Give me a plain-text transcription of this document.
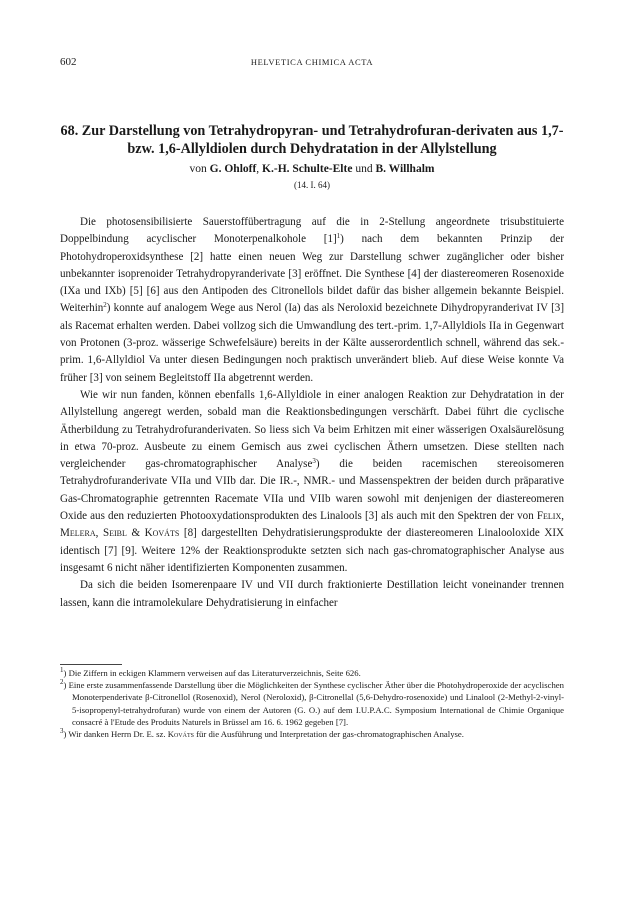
602	HELVETICA CHIMICA ACTA
68. Zur Darstellung von Tetrahydropyran- und Tetrahydrofuran-derivaten aus 1,7- bzw. 1,6-Allyldiolen durch Dehydratation in der Allylstellung
von G. Ohloff, K.-H. Schulte-Elte und B. Willhalm
(14. I. 64)

Die photosensibilisierte Sauerstoffübertragung auf die in 2-Stellung angeordnete trisubstituierte Doppelbindung acyclischer Monoterpenalkohole $[1]^1$) nach dem bekannten Prinzip der Photohydroperoxidsynthese [2] hatte einen neuen Weg zur Darstellung schwer zugänglicher oder bisher unbekannter isoprenoider Tetrahydropyranderivate [3] eröffnet. Die Synthese [4] der diastereomeren Rosenoxide (IXa und IXb) [5] [6] aus den Antipoden des Citronellols bildet dafür das bisher allgemein bekannte Beispiel. Weiterhin$^2$) konnte auf analogem Wege aus Nerol (Ia) das als Neroloxid bezeichnete Dihydropyranderivat IV [3] als Racemat erhalten werden. Dabei vollzog sich die Umwandlung des tert.-prim. 1,7-Allyldiols IIa in Gegenwart von Protonen (3-proz. wässerige Schwefelsäure) bereits in der Kälte ausserordentlich schnell, während das sek.-prim. 1,6-Allyldiol Va unter diesen Bedingungen noch praktisch unverändert blieb. Auf diese Weise konnte Va früher [3] von seinem Begleitstoff IIa abgetrennt werden.

Wie wir nun fanden, können ebenfalls 1,6-Allyldiole in einer analogen Reaktion zur Dehydratation in der Allylstellung angeregt werden, sobald man die Reaktionsbedingungen verschärft. Dabei führt die cyclische Ätherbildung zu Tetrahydrofuranderivaten. So liess sich Va beim Erhitzen mit einer wässerigen Oxalsäurelösung in etwa 70-proz. Ausbeute zu einem Gemisch aus zwei cyclischen Äthern umsetzen. Diese stellten nach vergleichender gas-chromatographischer Analyse$^3$) die beiden racemischen stereoisomeren Tetrahydrofuranderivate VIIa und VIIb dar. Die IR.-, NMR.- und Massenspektren der beiden durch präparative Gas-Chromatographie getrennten Racemate VIIa und VIIb waren sowohl mit denjenigen der diastereomeren Oxide aus den reduzierten Photooxydationsprodukten des Linalools [3] als auch mit den Spektren der von Felix, Melera, Seibl & Kováts [8] dargestellten Dehydratisierungsprodukte der diastereomeren Linalooloxide XIX identisch [7] [9]. Weitere 12% der Reaktionsprodukte setzten sich nach gas-chromatographischer Analyse aus insgesamt 6 nicht näher identifizierten Komponenten zusammen.

Da sich die beiden Isomerenpaare IV und VII durch fraktionierte Destillation leicht voneinander trennen lassen, kann die intramolekulare Dehydratisierung in einfacher

$^1$) Die Ziffern in eckigen Klammern verweisen auf das Literaturverzeichnis, Seite 626.

$^2$) Eine erste zusammenfassende Darstellung über die Möglichkeiten der Synthese cyclischer Äther über die Photohydroperoxide der acyclischen Monoterpenderivate β-Citronellol (Rosenoxid), Nerol (Neroloxid), β-Citronellal (5,6-Dehydro-rosenoxide) und Linalool (2-Methyl-2-vinyl-5-isopropenyl-tetrahydrofuran) wurde von einem der Autoren (G. O.) auf dem I.U.P.A.C. Symposium International de Chimie Organique consacré à l'Etude des Produits Naturels in Brüssel am 16. 6. 1962 gegeben [7].

$^3$) Wir danken Herrn Dr. E. sz. Kováts für die Ausführung und Interpretation der gas-chromatographischen Analyse.
